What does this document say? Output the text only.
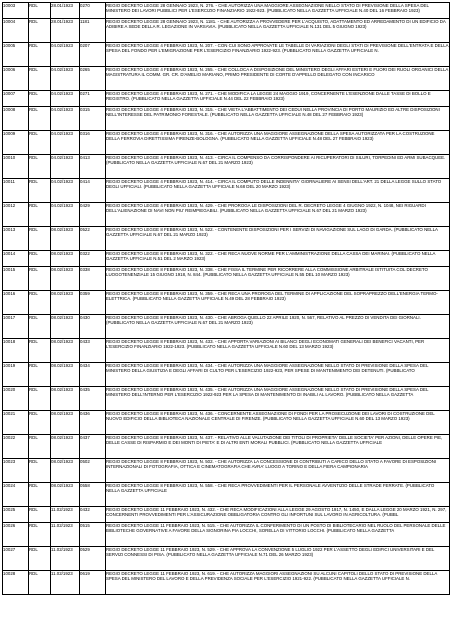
10003	RDL	28.01/1923	0270	REGIO DECRETO LEGGE 28 GENNAIO 1923, N. 276. - CHE AUTORIZZA UNA MAGGIORE ASSEGNAZIONE NELLO STATO DI PREVISIONE DELLA SPESA DEL MINISTERO DEI LAVORI PUBBLICI PER L'ESERCIZIO FINANZIARIO 1922-923. (PUBBLICATO NELLA GAZZETTA UFFICIALE N.40 DEL 16 FEBBRAIO 1923)

10004	RDL	28.01/1923	1181	REGIO DECRETO LEGGE 28 GENNAIO 1923, N. 1181. - CHE AUTORIZZA A PROVVEDERE PER L'ACQUISTO, ADATTAMENTO ED ARREDAMENTO DI UN EDIFICIO DA ADIBIRE A SEDE DELLA R. LEGAZIONE IN VARSAVIA. (PUBBLICATO NELLA GAZZETTA UFFICIALE N.131 DEL 5 GIUGNO 1923)

10005	RDL	04.02/1923	0207	REGIO DECRETO LEGGE 4 FEBBRAIO 1923, N. 207. - CON CUI SONO APPROVATE LE TABELLE DI VARIAZIONI DEGLI STATI DI PREVISIONE DELL'ENTRATA E DELLA SPESA DEL FONDO PER L'EMIGRAZIONE PER L'ESERCIZIO FINANZIARIO 1922-923. (PUBBLICATO NELLA GAZZETTA UFFICIALE N.

10006	RDL	04.02/1923	0265	REGIO DECRETO LEGGE 4 FEBBRAIO 1923, N. 265. - CHE COLLOCA A DISPOSIZIONE DEL MINISTERO DEGLI AFFARI ESTERI E FUORI DEI RUOLI ORGANICI DELLA MAGISTRATURA IL COMM. GR. CR. D'AMELIO MARIANO, PRIMO PRESIDENTE DI CORTE D'APPELLO DELEGATO CON INCARICO

10007	RDL	04.02/1923	0271	REGIO DECRETO LEGGE 4 FEBBRAIO 1923, N. 271. - CHE MODIFICA LA LEGGE 24 MAGGIO 1919, CONCERNENTE L'ESENZIONE DALLE TASSE DI BOLLO E REGISTRO. (PUBBLICATO NELLA GAZZETTA UFFICIALE N.44 DEL 22 FEBBRAIO 1923)

10008	RDL	04.02/1923	0315	REGIO DECRETO LEGGE 4 FEBBRAIO 1923, N. 315. - CHE VIETA L'ABBATTIMENTO DEI CEDUI NELLA PROVINCIA DI PORTO MAURIZIO ED ALTRE DISPOSIZIONI NELL'INTERESSE DEL PATRIMONIO FORESTALE. (PUBBLICATO NELLA GAZZETTA UFFICIALE N.48 DEL 27 FEBBRAIO 1923)

10009	RDL	04.02/1923	0316	REGIO DECRETO LEGGE 4 FEBBRAIO 1923, N. 316. - CHE AUTORIZZA UNA MAGGIORE ASSEGNAZIONE DELLA SPESA AUTORIZZATA PER LA COSTRUZIONE DELLA FERROVIA DIRETTISSIMA FIRENZE-BOLOGNA. (PUBBLICATO NELLA GAZZETTA UFFICIALE N.48 DEL 27 FEBBRAIO 1923)

10010	RDL	04.02/1923	0413	REGIO DECRETO LEGGE 4 FEBBRAIO 1923, N. 413. - CIRCA IL COMPENSO DA CORRISPONDERE AI RICUPERATORI DI SILURI, TORPEDINI ED ARMI SUBACQUEE. (PUBBLICATO NELLA GAZZETTA UFFICIALE N.67 DEL 21 MARZO 1923)

10011	RDL	04.02/1923	0414	REGIO DECRETO LEGGE 4 FEBBRAIO 1923, N. 414. - CIRCA IL COMPUTO DELLE INDENNITA' GIORNALIERE AI SENSI DELL'ART. 21 DELLA LEGGE SULLO STATO DEGLI UFFICIALI. (PUBBLICATO NELLA GAZZETTA UFFICIALE N.68 DEL 20 MARZO 1923)

10012	RDL	04.02/1923	0429	REGIO DECRETO LEGGE 4 FEBBRAIO 1923, N. 429. - CHE PROROGA LE DISPOSIZIONI DEL R. DECRETO LEGGE 4 GIUGNO 1922, N. 1048, NEI RIGUARDI DELL'ALIENAZIONE DI NAVI NON PIU' REIMPIEGABILI. (PUBBLICATO NELLA GAZZETTA UFFICIALE N.67 DEL 21 MARZO 1923)

10013	RDL	08.02/1923	0522	REGIO DECRETO LEGGE 8 FEBBRAIO 1923, N. 522. - CONTENENTE DISPOSIZIONI PER I SERVIZI DI NAVIGAZIONE SUL LAGO DI GARDA. (PUBBLICATO NELLA GAZZETTA UFFICIALE N.67 DEL 21 MARZO 1923)

10014	RDL	08.02/1923	0322	REGIO DECRETO LEGGE 8 FEBBRAIO 1923, N. 322. - CHE RECA NUOVE NORME PER L'AMMINISTRAZIONE DELLA CASSA DEI MARINAI. (PUBBLICATO NELLA GAZZETTA UFFICIALE N.51 DEL 2 MARZO 1923)

10015	RDL	08.02/1923	0338	REGIO DECRETO LEGGE 8 FEBBRAIO 1923, N. 338. - CHE FISSA IL TERMINE PER RICORRERE ALLA COMMISSIONE ARBITRALE ISTITUITA COL DECRETO LUOGOTENENZIALE 15 GIUGNO 1918, N. 844. (PUBBLICATO NELLA GAZZETTA UFFICIALE N.55 DEL 10 MARZO 1923)

10016	RDL	08.02/1923	0359	REGIO DECRETO LEGGE 8 FEBBRAIO 1923, N. 359. - CHE RECA UNA PROROGA DEL TERMINE DI APPLICAZIONE DEL SOPRAPREZZO DELL'ENERGIA TERMO-ELETTRICA. (PUBBLICATO NELLA GAZZETTA UFFICIALE N.49 DEL 28 FEBBRAIO 1923)

10017	RDL	08.02/1923	0430	REGIO DECRETO LEGGE 8 FEBBRAIO 1923, N. 430. - CHE ABROGA QUELLO 22 APRILE 1920, N. 567, RELATIVO AL PREZZO DI VENDITA DEI GIORNALI. (PUBBLICATO NELLA GAZZETTA UFFICIALE N.67 DEL 21 MARZO 1923)

10018	RDL	08.02/1923	0433	REGIO DECRETO LEGGE 8 FEBBRAIO 1923, N. 433. - CHE APPORTA VARIAZIONI AI BILANCI DEGLI ECONOMATI GENERALI DEI BENEFICI VACANTI, PER L'ESERCIZIO FINANZIARIO 1922-1923. (PUBBLICATO NELLA GAZZETTA UFFICIALE N.60 DEL 13 MARZO 1923)

10019	RDL	08.02/1923	0434	REGIO DECRETO LEGGE 8 FEBBRAIO 1923, N. 434. - CHE AUTORIZZA UNA MAGGIORE ASSEGNAZIONE NELLO STATO DI PREVISIONE DELLA SPESA DEL MINISTERO DELLA GIUSTIZIA E DEGLI AFFARI DI CULTO PER L'ESERCIZIO 1922-923, PER SPESE DI MANTENIMENTO DEI DETENUTI. (PUBBLICATO

10020	RDL	08.02/1923	0435	REGIO DECRETO LEGGE 8 FEBBRAIO 1923, N. 435. - CHE AUTORIZZA UNA MAGGIORE ASSEGNAZIONE NELLO STATO DI PREVISIONE DELLA SPESA DEL MINISTERO DELL'INTERNO PER L'ESERCIZIO 1922-923 PER LA SPESA DI MANTENIMENTO DI INABILI AL LAVORO. (PUBBLICATO NELLA GAZZETTA

10021	RDL	08.02/1923	0436	REGIO DECRETO LEGGE 8 FEBBRAIO 1923, N. 436. - CONCERNENTE ASSEGNAZIONE DI FONDI PER LA PROSECUZIONE DEI LAVORI DI COSTRUZIONE DEL NUOVO EDIFICIO DELLA BIBLIOTECA NAZIONALE CENTRALE DI FIRENZE. (PUBBLICATO NELLA GAZZETTA UFFICIALE N.60 DEL 13 MARZO 1923)

10022	RDL	08.02/1923	0437	REGIO DECRETO LEGGE 8 FEBBRAIO 1923, N. 437. - RELATIVO ALLE VALUTAZIONE DEI TITOLI DI PROPRIETA' DELLE SOCIETA' PER AZIONI, DELLE OPERE PIE, DELLE CASSE DI RISPARMIO E DEI MONTI DI PIETA' E DI ALTRI ENTI MORALI PUBBLICI. (PUBBLICATO NELLA GAZZETTA UFFICIALE

10023	RDL	08.02/1923	0502	REGIO DECRETO LEGGE 8 FEBBRAIO 1923, N. 502. - CHE AUTORIZZA LA CONCESSIONE DI CONTRIBUTI A CARICO DELLO STATO A FAVORE DI ESPOSIZIONI INTERNAZIONALI DI FOTOGRAFIA, OTTICA E CINEMATOGRAFIA CHE AVRA' LUOGO A TORINO E DELLA FIERA CAMPIONARIA

10024	RDL	08.02/1923	0558	REGIO DECRETO LEGGE 8 FEBBRAIO 1923, N. 558. - CHE RECA PROVVEDIMENTI PER IL PERSONALE AVVENTIZIO DELLE STRADE FERRATE. (PUBBLICATO NELLA GAZZETTA UFFICIALE

10025	RDL	11.02/1923	0432	REGIO DECRETO LEGGE 11 FEBBRAIO 1923, N. 432. - CHE RECA MODIFICAZIONI ALLA LEGGE 29 AGOSTO 1917, N. 1450, E DALLA LEGGE 20 MARZO 1921, N. 297, CONCERNENTI PROVVEDIMENTI PER L'ASSICURAZIONE OBBLIGATORIA CONTRO GLI INFORTUNI SUL LAVORO IN AGRICOLTURA. (PUBBL

10026	RDL	11.02/1923	0515	REGIO DECRETO LEGGE 11 FEBBRAIO 1923, N. 515. - CHE AUTORIZZA IL CONFERIMENTO DI UN POSTO DI BIBLIOTECARIO NEL RUOLO DEL PERSONALE DELLE BIBLIOTECHE GOVERNATIVE A FAVORE DELLA SIGNORINA PIA LOCCHI, SORELLA DI VITTORIO LOCCHI. (PUBBLICATO NELLA GAZZETTA

10027	RDL	11.02/1923	0529	REGIO DECRETO LEGGE 11 FEBBRAIO 1923, N. 529. - CHE APPROVA LA CONVENZIONE 5 LUGLIO 1922 PER L'ASSETTO DEGLI EDIFICI UNIVERSITARI E DEL SERVIZI CONNESSI DI PISA. (PUBBLICATO NELLA GAZZETTA UFFICIALE N.71 DEL 26 MARZO 1923)

10028	RDL	11.02/1923	0619	REGIO DECRETO LEGGE 11 FEBBRAIO 1923, N. 619. - CHE AUTORIZZA MAGGIORI ASSEGNAZIONI SU ALCUNI CAPITOLI DELLO STATO DI PREVISIONE DELLA SPESA DEL MINISTERO DEL LAVORO E DELLA PREVIDENZA SOCIALE PER L'ESERCIZIO 1921-922. (PUBBLICATO NELLA GAZZETTA UFFICIALE N.
